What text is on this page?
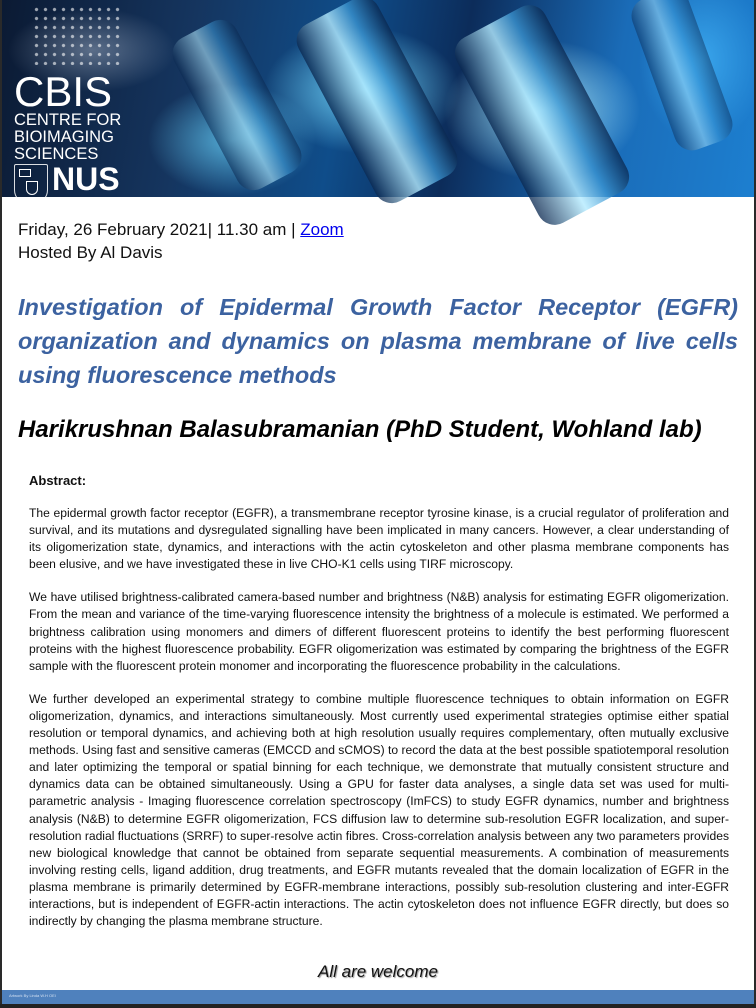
CBIS
CENTRE FOR
BIOIMAGING
SCIENCES
NUS
National University
of Singapore
Friday, 26 February 2021| 11.30 am | Zoom
Hosted By Al Davis
Investigation of Epidermal Growth Factor Receptor (EGFR) organization and dynamics on plasma membrane of live cells using fluorescence methods
Harikrushnan Balasubramanian (PhD Student, Wohland lab)
Abstract:

The epidermal growth factor receptor (EGFR), a transmembrane receptor tyrosine kinase, is a crucial regulator of proliferation and survival, and its mutations and dysregulated signalling have been implicated in many cancers. However, a clear understanding of its oligomerization state, dynamics, and interactions with the actin cytoskeleton and other plasma membrane components has been elusive, and we have investigated these in live CHO-K1 cells using TIRF microscopy.

We have utilised brightness-calibrated camera-based number and brightness (N&B) analysis for estimating EGFR oligomerization. From the mean and variance of the time-varying fluorescence intensity the brightness of a molecule is estimated. We performed a brightness calibration using monomers and dimers of different fluorescent proteins to identify the best performing fluorescent proteins with the highest fluorescence probability. EGFR oligomerization was estimated by comparing the brightness of the EGFR sample with the fluorescent protein monomer and incorporating the fluorescence probability in the calculations.

We further developed an experimental strategy to combine multiple fluorescence techniques to obtain information on EGFR oligomerization, dynamics, and interactions simultaneously. Most currently used experimental strategies optimise either spatial resolution or temporal dynamics, and achieving both at high resolution usually requires complementary, often mutually exclusive methods. Using fast and sensitive cameras (EMCCD and sCMOS) to record the data at the best possible spatiotemporal resolution and later optimizing the temporal or spatial binning for each technique, we demonstrate that mutually consistent structure and dynamics data can be obtained simultaneously. Using a GPU for faster data analyses, a single data set was used for multi-parametric analysis - Imaging fluorescence correlation spectroscopy (ImFCS) to study EGFR dynamics, number and brightness analysis (N&B) to determine EGFR oligomerization, FCS diffusion law to determine sub-resolution EGFR localization, and super-resolution radial fluctuations (SRRF) to super-resolve actin fibres. Cross-correlation analysis between any two parameters provides new biological knowledge that cannot be obtained from separate sequential measurements. A combination of measurements involving resting cells, ligand addition, drug treatments, and EGFR mutants revealed that the domain localization of EGFR in the plasma membrane is primarily determined by EGFR-membrane interactions, possibly sub-resolution clustering and inter-EGFR interactions, but is independent of EGFR-actin interactions. The actin cytoskeleton does not influence EGFR directly, but does so indirectly by changing the plasma membrane structure.

All are welcome
Artwork By Linda W.H OEI
